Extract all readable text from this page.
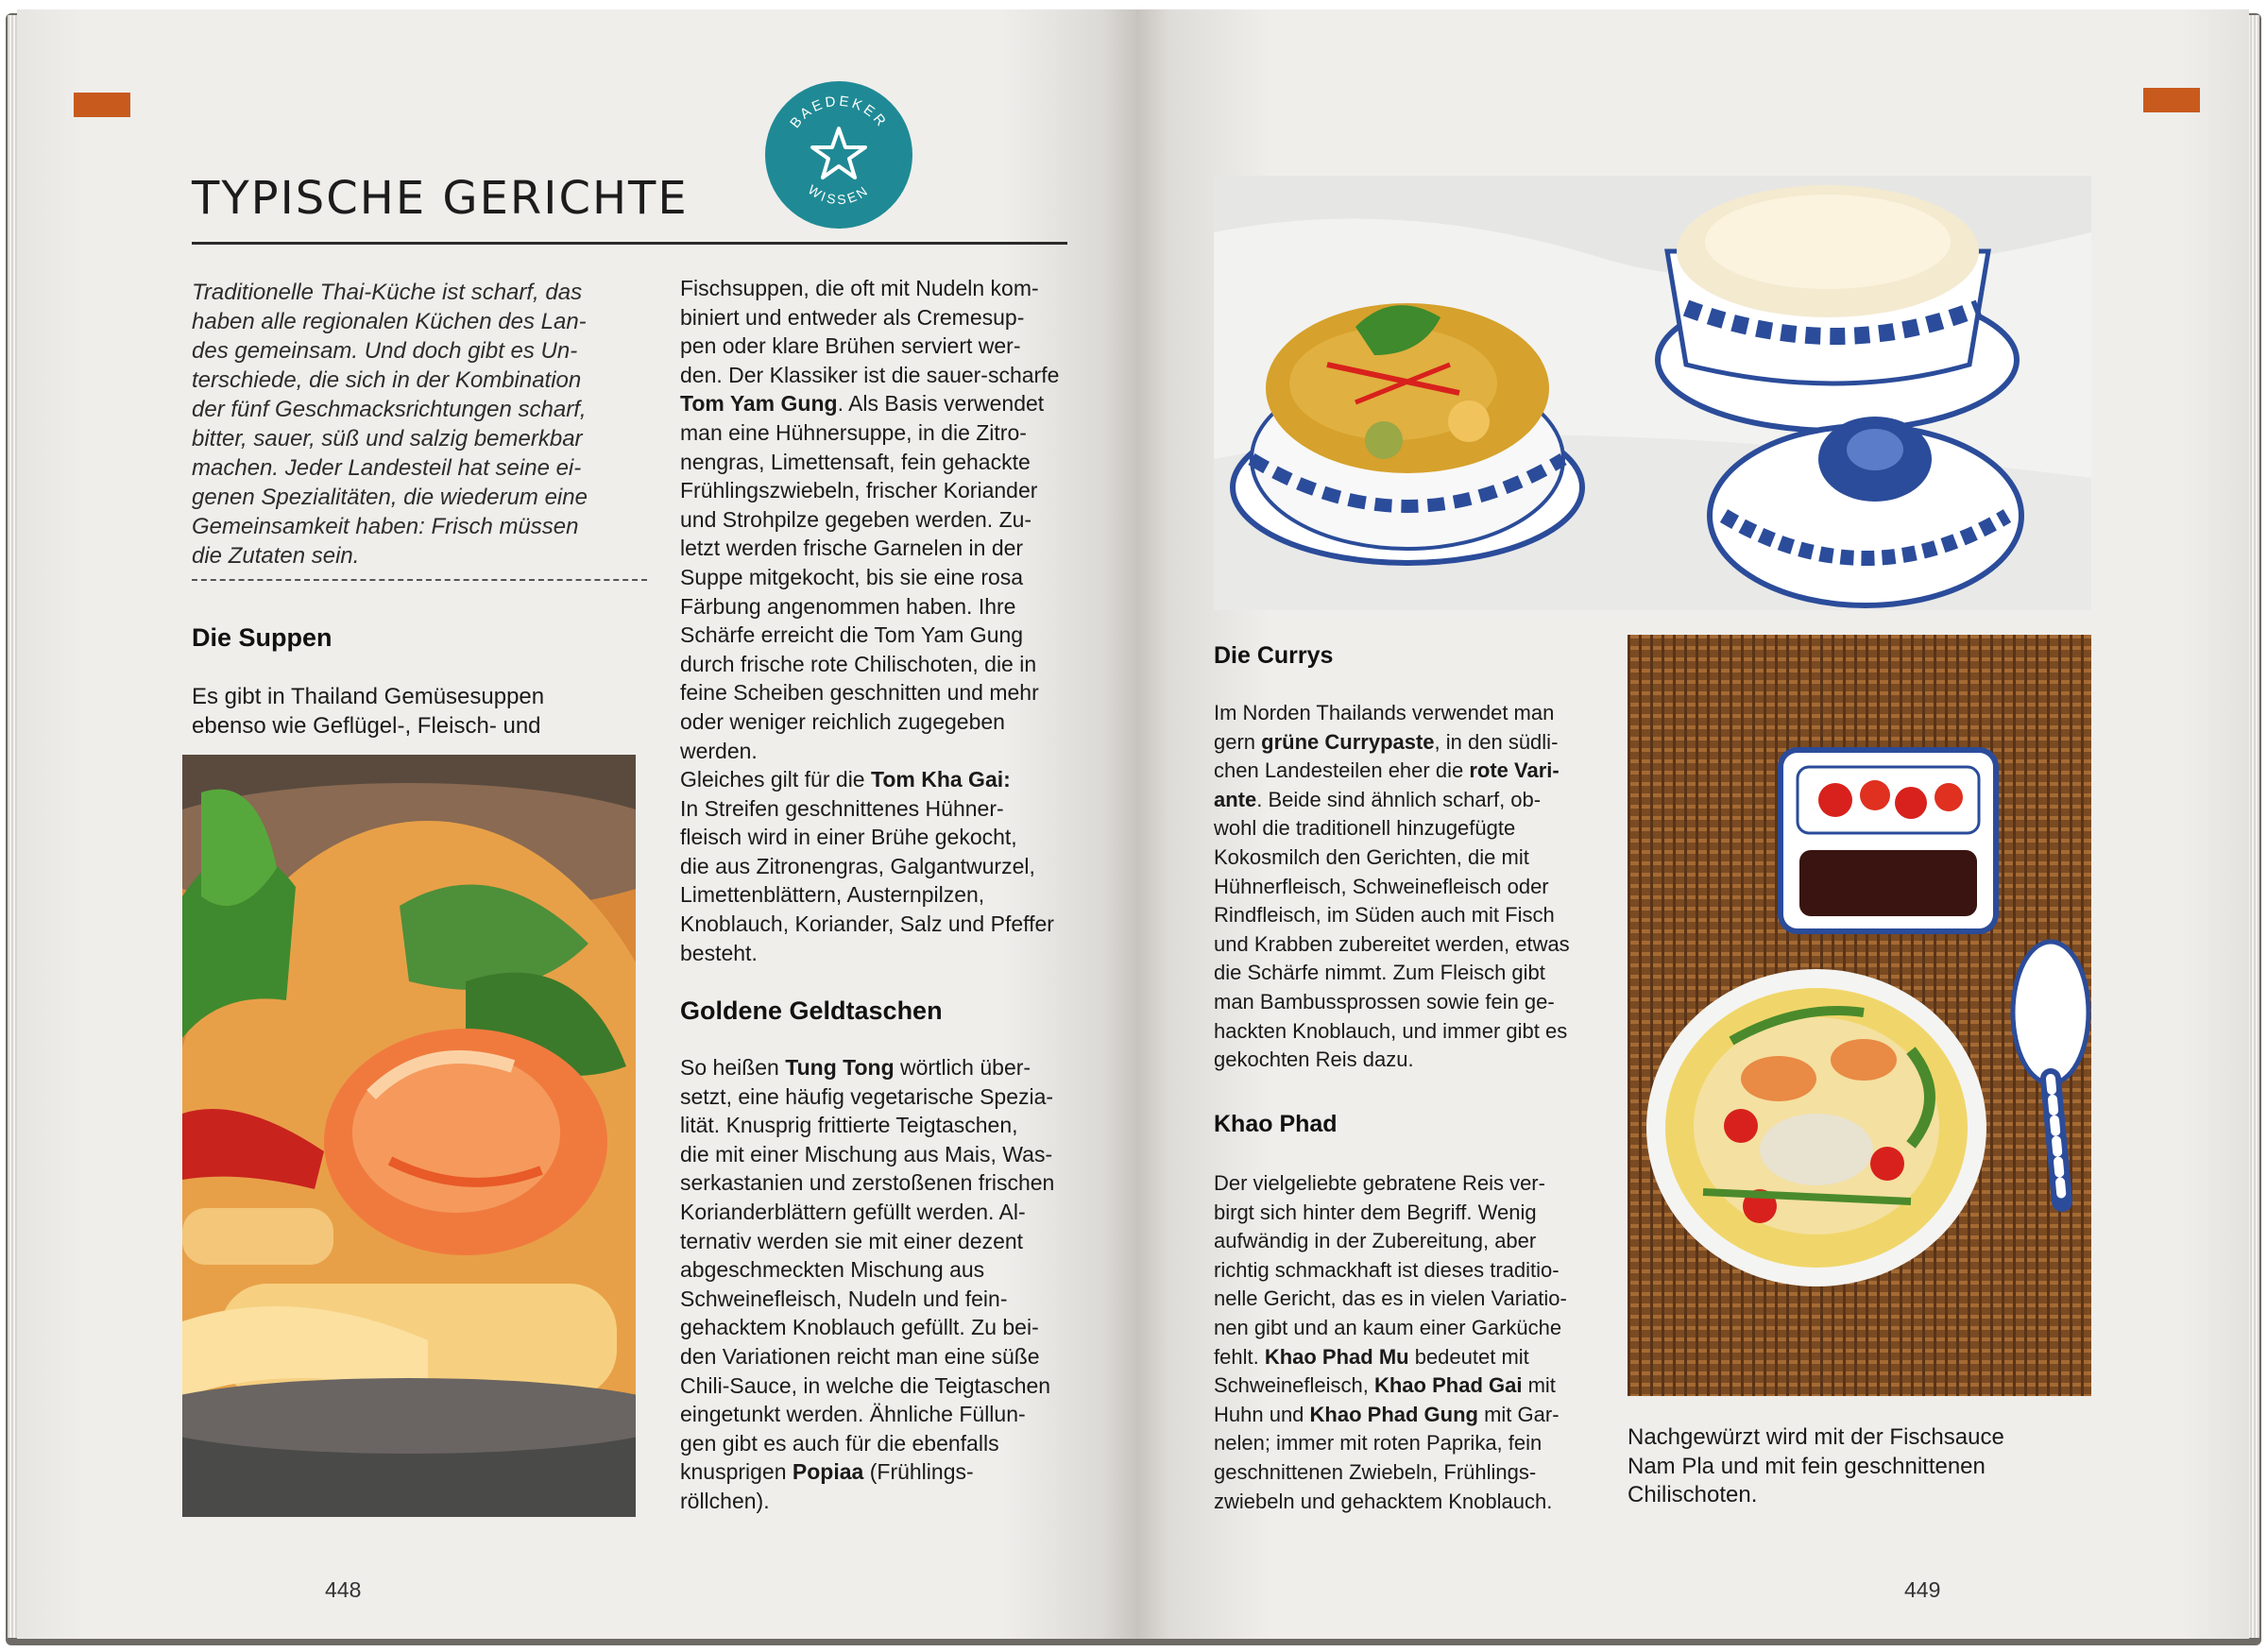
BAEDEKER
WISSEN
TYPISCHE GERICHTE

Traditionelle Thai-Küche ist scharf, das

haben alle regionalen Küchen des Lan-

des gemeinsam. Und doch gibt es Un-

terschiede, die sich in der Kombination

der fünf Geschmacksrichtungen scharf,

bitter, sauer, süß und salzig bemerkbar

machen. Jeder Landesteil hat seine ei-

genen Spezialitäten, die wiederum eine

Gemeinsamkeit haben: Frisch müssen

die Zutaten sein.

Die Suppen

Es gibt in Thailand Gemüsesuppen

ebenso wie Geflügel-, Fleisch- und

Fischsuppen, die oft mit Nudeln kom-

biniert und entweder als Cremesup-

pen oder klare Brühen serviert wer-

den. Der Klassiker ist die sauer-scharfe

Tom Yam Gung. Als Basis verwendet

man eine Hühnersuppe, in die Zitro-

nengras, Limettensaft, fein gehackte

Frühlingszwiebeln, frischer Koriander

und Strohpilze gegeben werden. Zu-

letzt werden frische Garnelen in der

Suppe mitgekocht, bis sie eine rosa

Färbung angenommen haben. Ihre

Schärfe erreicht die Tom Yam Gung

durch frische rote Chilischoten, die in

feine Scheiben geschnitten und mehr

oder weniger reichlich zugegeben

werden.

Gleiches gilt für die Tom Kha Gai:

In Streifen geschnittenes Hühner-

fleisch wird in einer Brühe gekocht,

die aus Zitronengras, Galgantwurzel,

Limettenblättern, Austernpilzen,

Knoblauch, Koriander, Salz und Pfeffer

besteht.

Goldene Geldtaschen

So heißen Tung Tong wörtlich über-

setzt, eine häufig vegetarische Spezia-

lität. Knusprig frittierte Teigtaschen,

die mit einer Mischung aus Mais, Was-

serkastanien und zerstoßenen frischen

Korianderblättern gefüllt werden. Al-

ternativ werden sie mit einer dezent

abgeschmeckten Mischung aus

Schweinefleisch, Nudeln und fein-

gehacktem Knoblauch gefüllt. Zu bei-

den Variationen reicht man eine süße

Chili-Sauce, in welche die Teigtaschen

eingetunkt werden. Ähnliche Füllun-

gen gibt es auch für die ebenfalls

knusprigen Popiaa (Frühlings-

röllchen).

448
Die Currys

Im Norden Thailands verwendet man

gern grüne Currypaste, in den südli-

chen Landesteilen eher die rote Vari-

ante. Beide sind ähnlich scharf, ob-

wohl die traditionell hinzugefügte

Kokosmilch den Gerichten, die mit

Hühnerfleisch, Schweinefleisch oder

Rindfleisch, im Süden auch mit Fisch

und Krabben zubereitet werden, etwas

die Schärfe nimmt. Zum Fleisch gibt

man Bambussprossen sowie fein ge-

hackten Knoblauch, und immer gibt es

gekochten Reis dazu.

Khao Phad

Der vielgeliebte gebratene Reis ver-

birgt sich hinter dem Begriff. Wenig

aufwändig in der Zubereitung, aber

richtig schmackhaft ist dieses traditio-

nelle Gericht, das es in vielen Variatio-

nen gibt und an kaum einer Garküche

fehlt. Khao Phad Mu bedeutet mit

Schweinefleisch, Khao Phad Gai mit

Huhn und Khao Phad Gung mit Gar-

nelen; immer mit roten Paprika, fein

geschnittenen Zwiebeln, Frühlings-

zwiebeln und gehacktem Knoblauch.

Nachgewürzt wird mit der Fischsauce

Nam Pla und mit fein geschnittenen

Chilischoten.

449
